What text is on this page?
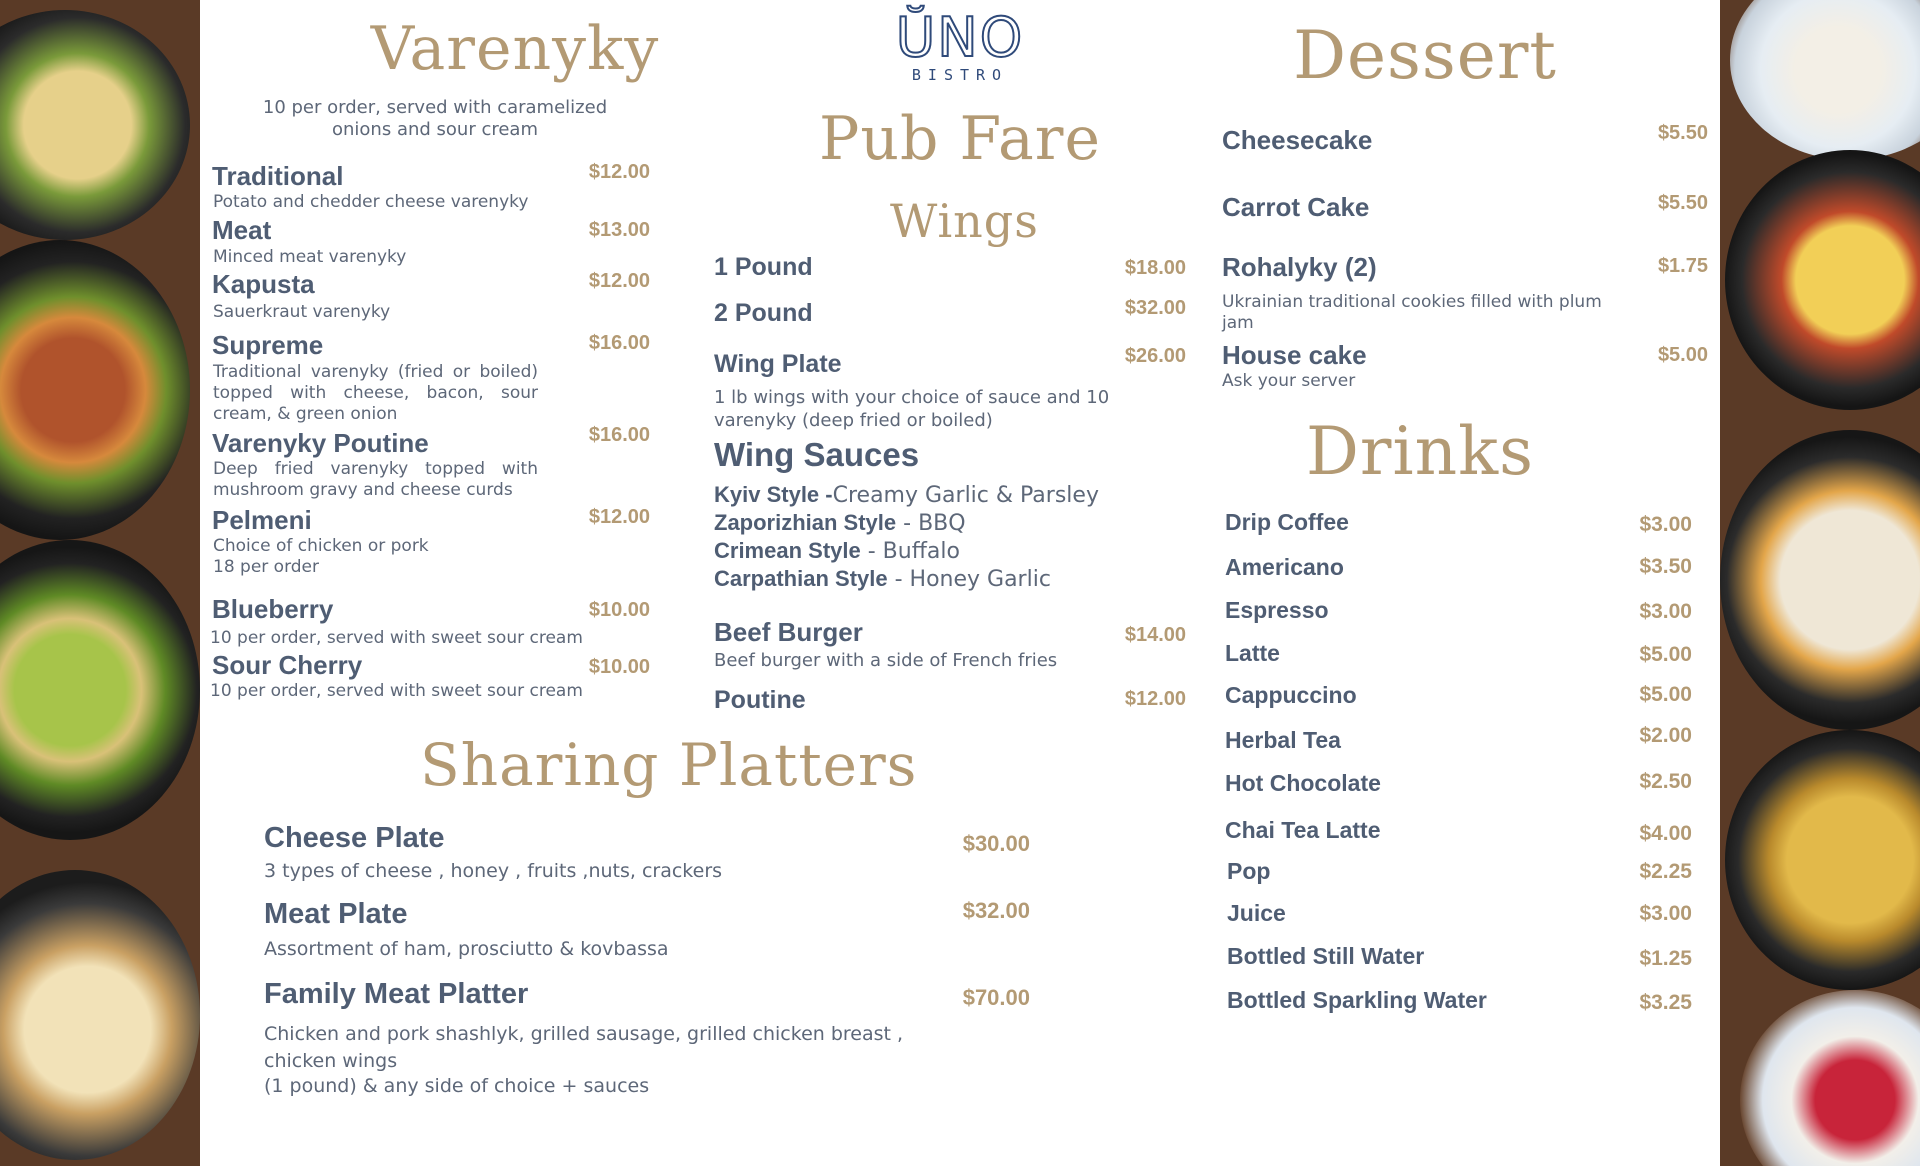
Varenyky
10 per order, served with caramelized onions and sour cream
Traditional	$12.00
Potato and chedder cheese varenyky
Meat	$13.00
Minced meat varenyky
Kapusta	$12.00
Sauerkraut varenyky
Supreme	$16.00
Traditional varenyky (fried or boiled) topped with cheese, bacon, sour cream, & green onion
Varenyky Poutine	$16.00
Deep fried varenyky topped with mushroom gravy and cheese curds
Pelmeni	$12.00
Choice of chicken or pork
18 per order
Blueberry	$10.00
10 per order, served with sweet sour cream
Sour Cherry	$10.00
10 per order, served with sweet sour cream
ŬNO
BISTRO
Pub Fare
Wings
1 Pound	$18.00
2 Pound	$32.00
Wing Plate	$26.00
1 lb wings with your choice of sauce and 10 varenyky (deep fried or boiled)
Wing Sauces
Kyiv Style -Creamy Garlic & Parsley
Zaporizhian Style - BBQ
Crimean Style - Buffalo
Carpathian Style - Honey Garlic
Beef Burger	$14.00
Beef burger with a side of French fries
Poutine	$12.00
Sharing Platters
Cheese Plate	$30.00
3 types of cheese , honey , fruits ,nuts, crackers
Meat Plate	$32.00
Assortment of ham, prosciutto & kovbassa
Family Meat Platter	$70.00
Chicken and pork shashlyk, grilled sausage, grilled chicken breast , chicken wings
(1 pound) & any side of choice + sauces
Dessert
Cheesecake	$5.50
Carrot Cake	$5.50
Rohalyky (2)	$1.75
Ukrainian traditional cookies filled with plum jam
House cake	$5.00
Ask your server
Drinks
Drip Coffee	$3.00
Americano	$3.50
Espresso	$3.00
Latte	$5.00
Cappuccino	$5.00
Herbal Tea	$2.00
Hot Chocolate	$2.50
Chai Tea Latte	$4.00
Pop	$2.25
Juice	$3.00
Bottled Still Water	$1.25
Bottled Sparkling Water	$3.25
